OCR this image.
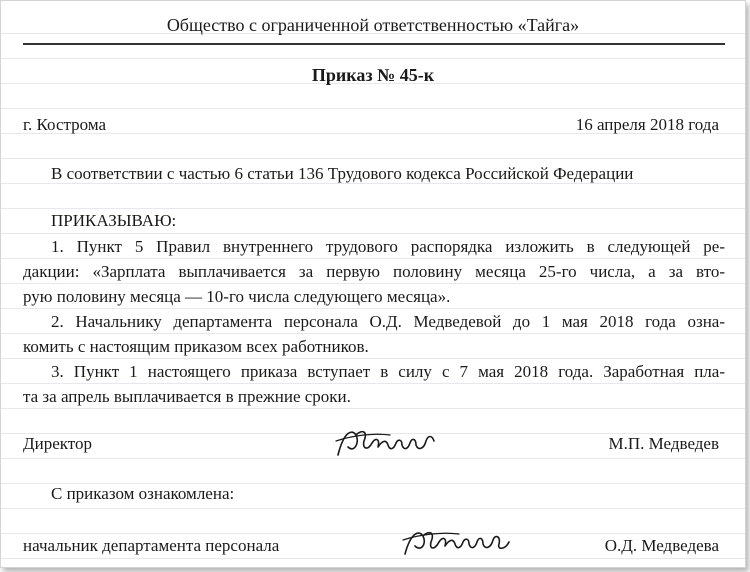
Общество с ограниченной ответственностью «Тайга»
Приказ № 45-к
г. Кострома	16 апреля 2018 года
В соответствии с частью 6 статьи 136 Трудового кодекса Российской Федерации
ПРИКАЗЫВАЮ:
1. Пункт 5 Правил внутреннего трудового распорядка изложить в следующей ре-
дакции: «Зарплата выплачивается за первую половину месяца 25-го числа, а за вто-
рую половину месяца — 10-го числа следующего месяца».
2. Начальнику департамента персонала О.Д. Медведевой до 1 мая 2018 года озна-
комить с настоящим приказом всех работников.
3. Пункт 1 настоящего приказа вступает в силу с 7 мая 2018 года. Заработная пла-
та за апрель выплачивается в прежние сроки.
Директор	М.П. Медведев
С приказом ознакомлена:
начальник департамента персонала	О.Д. Медведева
